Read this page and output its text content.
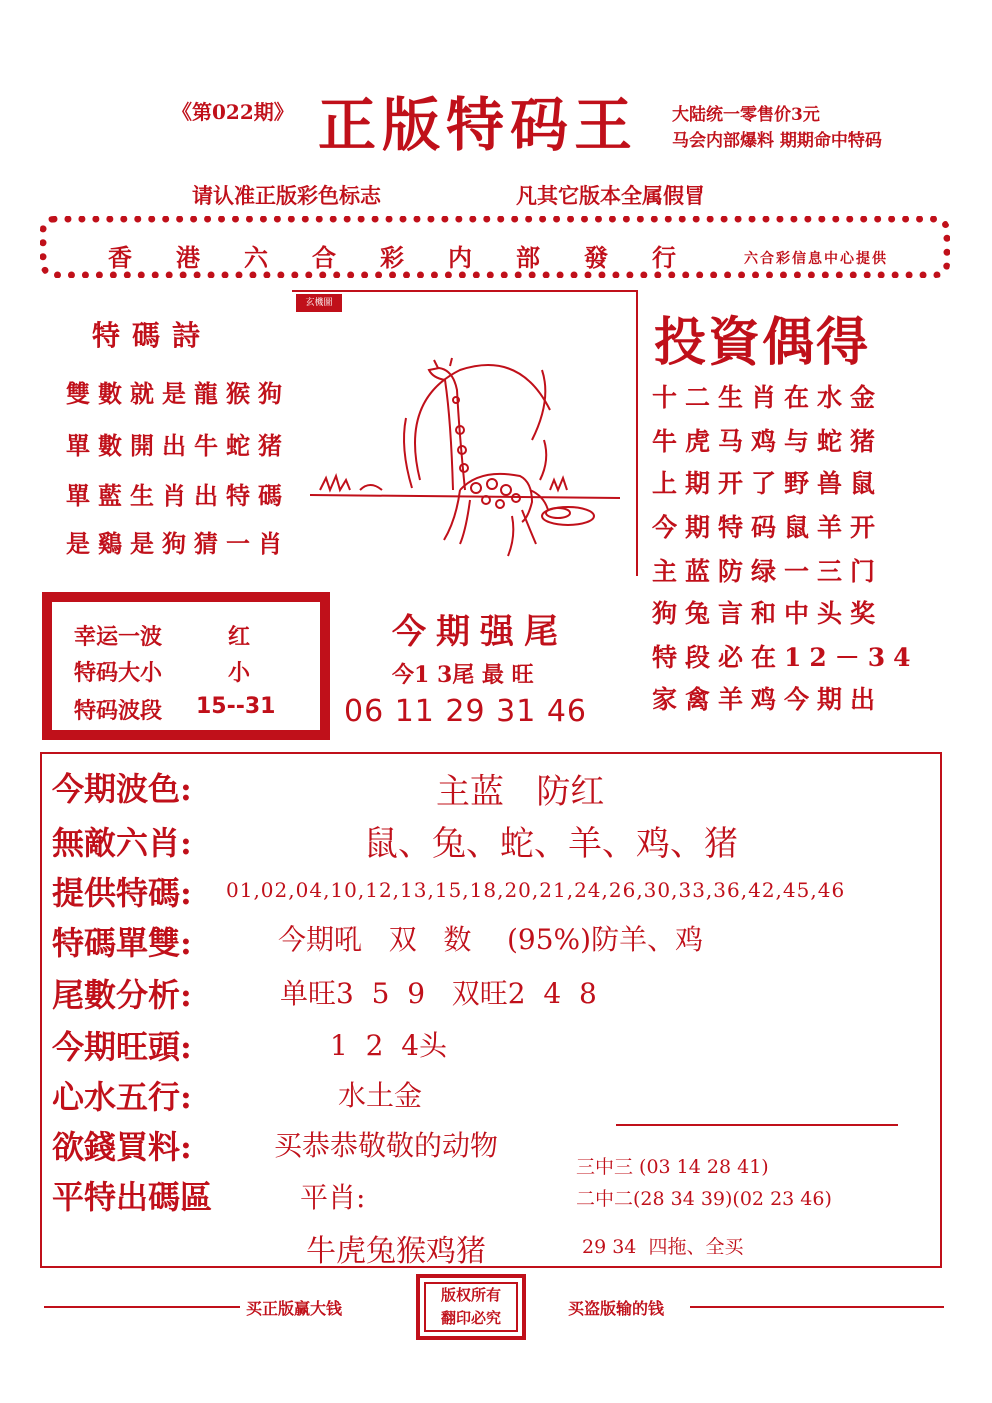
《第022期》 正版特码王 大陆统一零售价3元
马会内部爆料 期期命中特码
请认准正版彩色标志	凡其它版本全属假冒
香港六合彩内部發行 六合彩信息中心提供
特碼詩
雙數就是龍猴狗
單數開出牛蛇猪
單藍生肖出特碼
是鷄是狗猜一肖
玄機圖
投資偶得
十二生肖在水金
牛虎马鸡与蛇猪
上期开了野兽鼠
今期特码鼠羊开
主蓝防绿一三门
狗兔言和中头奖
特段必在12－34
家禽羊鸡今期出
幸运一波	红
特码大小	小
特码波段 15--31
今期强尾
今1 3尾 最 旺
06 11 29 31 46
今期波色:	主蓝   防红
無敵六肖:	鼠、兔、蛇、羊、鸡、猪
提供特碼: 01,02,04,10,12,13,15,18,20,21,24,26,30,33,36,42,45,46
特碼單雙:	今期吼   双   数    (95%)防羊、鸡
尾數分析:	单旺3  5  9   双旺2  4  8
今期旺頭:	1  2  4头
心水五行:	水土金
欲錢買料:	买恭恭敬敬的动物
平特出碼區	平肖:
牛虎兔猴鸡猪
三中三 (03 14 28 41)
二中二(28 34 39)(02 23 46)
29 34  四拖、全买
买正版赢大钱
版权所有
翻印必究	买盗版输的钱
